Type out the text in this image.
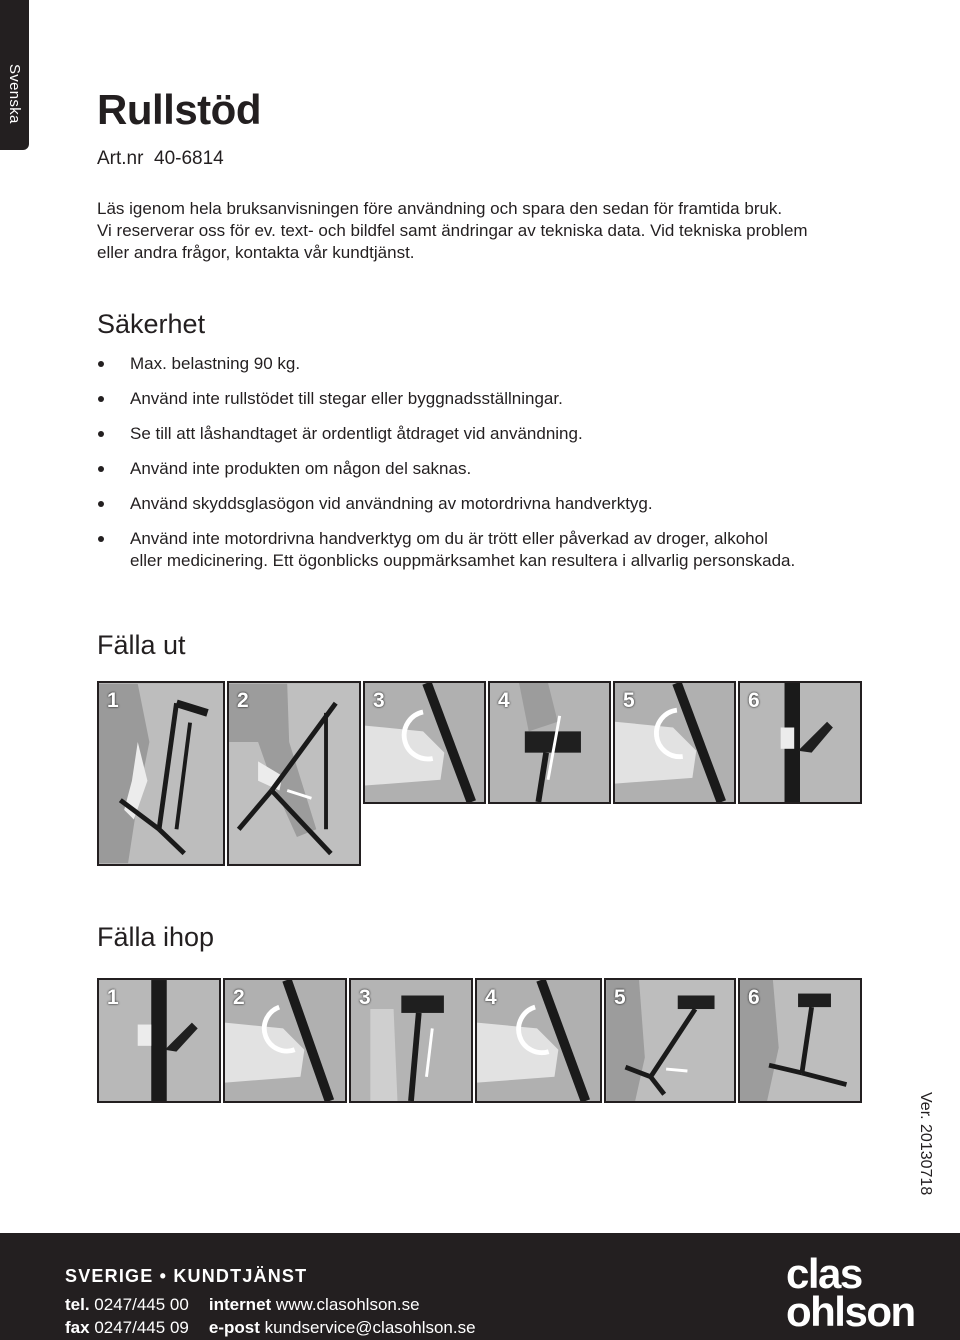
Svenska Rullstöd
Art.nr 40-6814

Läs igenom hela bruksanvisningen före användning och spara den sedan för framtida bruk.
Vi reserverar oss för ev. text- och bildfel samt ändringar av tekniska data. Vid tekniska problem
eller andra frågor, kontakta vår kundtjänst.

Säkerhet
Max. belastning 90 kg.
Använd inte rullstödet till stegar eller byggnadsställningar.
Se till att låshandtaget är ordentligt åtdraget vid användning.
Använd inte produkten om någon del saknas.
Använd skyddsglasögon vid användning av motordrivna handverktyg.
Använd inte motordrivna handverktyg om du är trött eller påverkad av droger, alkohol
eller medicinering. Ett ögonblicks ouppmärksamhet kan resultera i allvarlig personskada.
Fälla ut
1	2	3	4	5	6
Fälla ihop
1	2	3	4	5	6
Ver. 20130718
SVERIGE • KUNDTJÄNST
tel. 0247/445 00 internet www.clasohlson.se
fax 0247/445 09 e-post kundservice@clasohlson.se
clas
ohlson
